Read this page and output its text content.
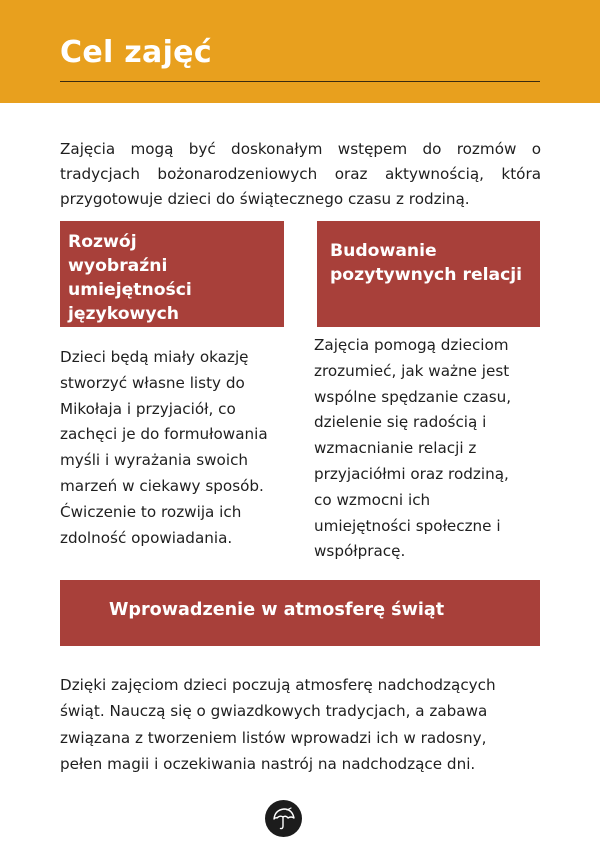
Cel zajęć
Zajęcia mogą być doskonałym wstępem do rozmów o tradycjach bożonarodzeniowych oraz aktywnością, która przygotowuje dzieci do świątecznego czasu z rodziną.
Rozwój
wyobraźni
umiejętności
językowych
Budowanie
pozytywnych relacji
Dzieci będą miały okazję
stworzyć własne listy do
Mikołaja i przyjaciół, co
zachęci je do formułowania
myśli i wyrażania swoich
marzeń w ciekawy sposób.
Ćwiczenie to rozwija ich
zdolność opowiadania.
Zajęcia pomogą dzieciom
zrozumieć, jak ważne jest
wspólne spędzanie czasu,
dzielenie się radością i
wzmacnianie relacji z
przyjaciółmi oraz rodziną,
co wzmocni ich
umiejętności społeczne i
współpracę.
Wprowadzenie w atmosferę świąt
Dzięki zajęciom dzieci poczują atmosferę nadchodzących
świąt. Nauczą się o gwiazdkowych tradycjach, a zabawa
związana z tworzeniem listów wprowadzi ich w radosny,
pełen magii i oczekiwania nastrój na nadchodzące dni.
